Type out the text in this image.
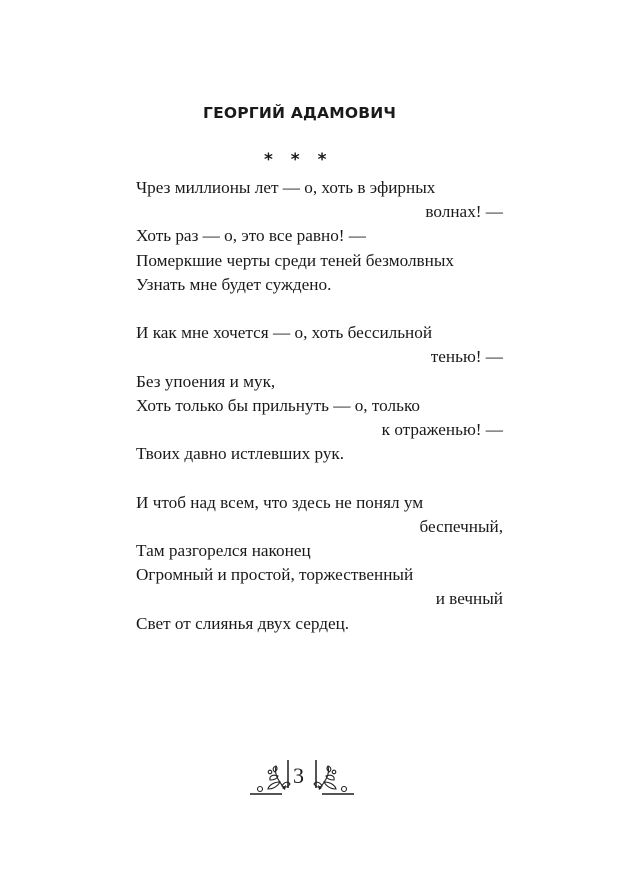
ГЕОРГИЙ АДАМОВИЧ
* * *
Чрез миллионы лет — о, хоть в эфирных
волнах! —
Хоть раз — о, это все равно! —
Померкшие черты среди теней безмолвных
Узнать мне будет суждено.
И как мне хочется — о, хоть бессильной
тенью! —
Без упоения и мук,
Хоть только бы прильнуть — о, только
к отраженью! —
Твоих давно истлевших рук.
И чтоб над всем, что здесь не понял ум
беспечный,
Там разгорелся наконец
Огромный и простой, торжественный
и вечный
Свет от слиянья двух сердец.
3
